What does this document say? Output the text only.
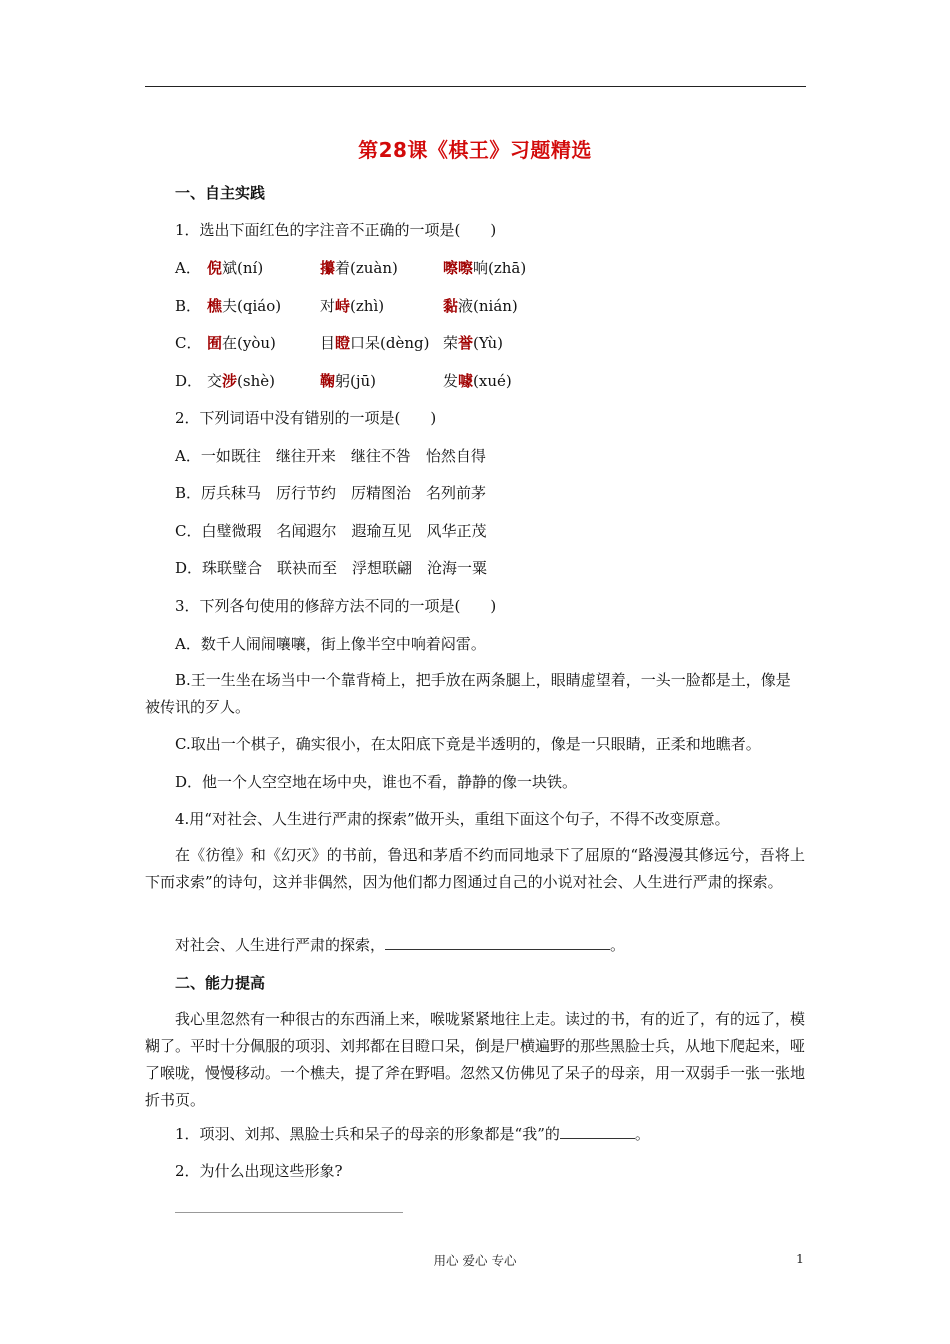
第28课《棋王》习题精选
一、自主实践
1．选出下面红色的字注音不正确的一项是(　　)
A． 倪斌(ní)	攥着(zuàn)	嚓嚓响(zhā)
B． 樵夫(qiáo)	对峙(zhì)	黏液(nián)
C． 囿在(yòu)	目瞪口呆(dèng) 荣誉(Yù)
D． 交涉(shè)	鞠躬(jū)	发噱(xué)
2．下列词语中没有错别的一项是(　　)
A．一如既往　继往开来　继往不咎　怡然自得
B．厉兵秣马　厉行节约　厉精图治　名列前茅
C．白璧微瑕　名闻遐尔　遐瑜互见　风华正茂
D．珠联璧合　联袂而至　浮想联翩　沧海一粟
3．下列各句使用的修辞方法不同的一项是(　　)
A．数千人闹闹嚷嚷，街上像半空中响着闷雷。
B.王一生坐在场当中一个靠背椅上，把手放在两条腿上，眼睛虚望着，一头一脸都是土，像是被传讯的歹人。
C.取出一个棋子，确实很小，在太阳底下竟是半透明的，像是一只眼睛，正柔和地瞧者。
D．他一个人空空地在场中央，谁也不看，静静的像一块铁。
4.用“对社会、人生进行严肃的探索”做开头，重组下面这个句子，不得不改变原意。
在《彷徨》和《幻灭》的书前，鲁迅和茅盾不约而同地录下了屈原的“路漫漫其修远兮，吾将上下而求索”的诗句，这并非偶然，因为他们都力图通过自己的小说对社会、人生进行严肃的探索。
对社会、人生进行严肃的探索，	。
二、能力提高
我心里忽然有一种很古的东西涌上来，喉咙紧紧地往上走。读过的书，有的近了，有的远了，模糊了。平时十分佩服的项羽、刘邦都在目瞪口呆，倒是尸横遍野的那些黑脸士兵，从地下爬起来，哑了喉咙，慢慢移动。一个樵夫，提了斧在野唱。忽然又仿佛见了呆子的母亲，用一双弱手一张一张地折书页。
1．项羽、刘邦、黑脸士兵和呆子的母亲的形象都是“我”的	。
2．为什么出现这些形象?
用心 爱心 专心	1
